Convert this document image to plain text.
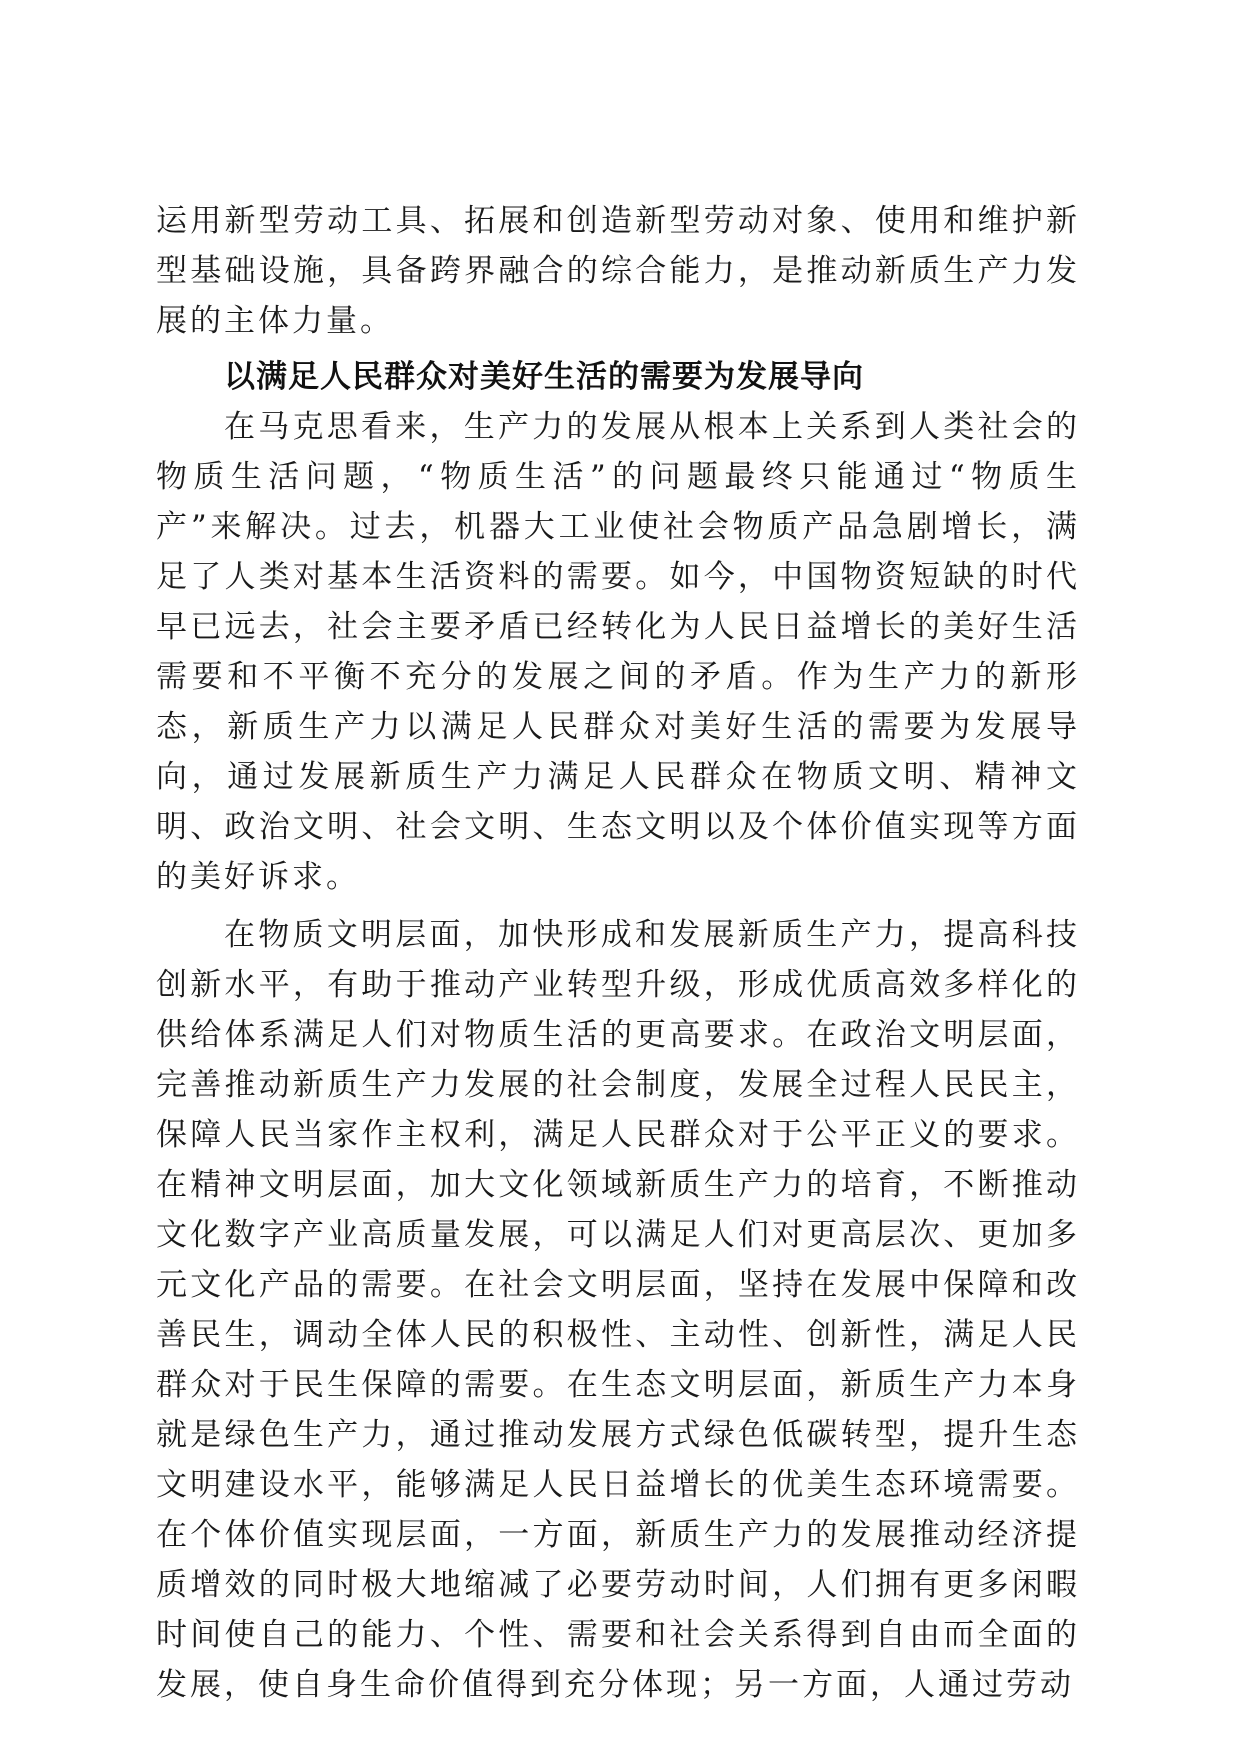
运用新型劳动工具、拓展和创造新型劳动对象、使用和维护新型基础设施，具备跨界融合的综合能力，是推动新质生产力发展的主体力量。

以满足人民群众对美好生活的需要为发展导向

在马克思看来，生产力的发展从根本上关系到人类社会的物质生活问题，“物质生活”的问题最终只能通过“物质生产”来解决。过去，机器大工业使社会物质产品急剧增长，满足了人类对基本生活资料的需要。如今，中国物资短缺的时代早已远去，社会主要矛盾已经转化为人民日益增长的美好生活需要和不平衡不充分的发展之间的矛盾。作为生产力的新形态，新质生产力以满足人民群众对美好生活的需要为发展导向，通过发展新质生产力满足人民群众在物质文明、精神文明、政治文明、社会文明、生态文明以及个体价值实现等方面的美好诉求。

在物质文明层面，加快形成和发展新质生产力，提高科技创新水平，有助于推动产业转型升级，形成优质高效多样化的供给体系满足人们对物质生活的更高要求。在政治文明层面，完善推动新质生产力发展的社会制度，发展全过程人民民主，保障人民当家作主权利，满足人民群众对于公平正义的要求。在精神文明层面，加大文化领域新质生产力的培育，不断推动文化数字产业高质量发展，可以满足人们对更高层次、更加多元文化产品的需要。在社会文明层面，坚持在发展中保障和改善民生，调动全体人民的积极性、主动性、创新性，满足人民群众对于民生保障的需要。在生态文明层面，新质生产力本身就是绿色生产力，通过推动发展方式绿色低碳转型，提升生态文明建设水平，能够满足人民日益增长的优美生态环境需要。在个体价值实现层面，一方面，新质生产力的发展推动经济提质增效的同时极大地缩减了必要劳动时间，人们拥有更多闲暇时间使自己的能力、个性、需要和社会关系得到自由而全面的发展，使自身生命价值得到充分体现；另一方面，人通过劳动
